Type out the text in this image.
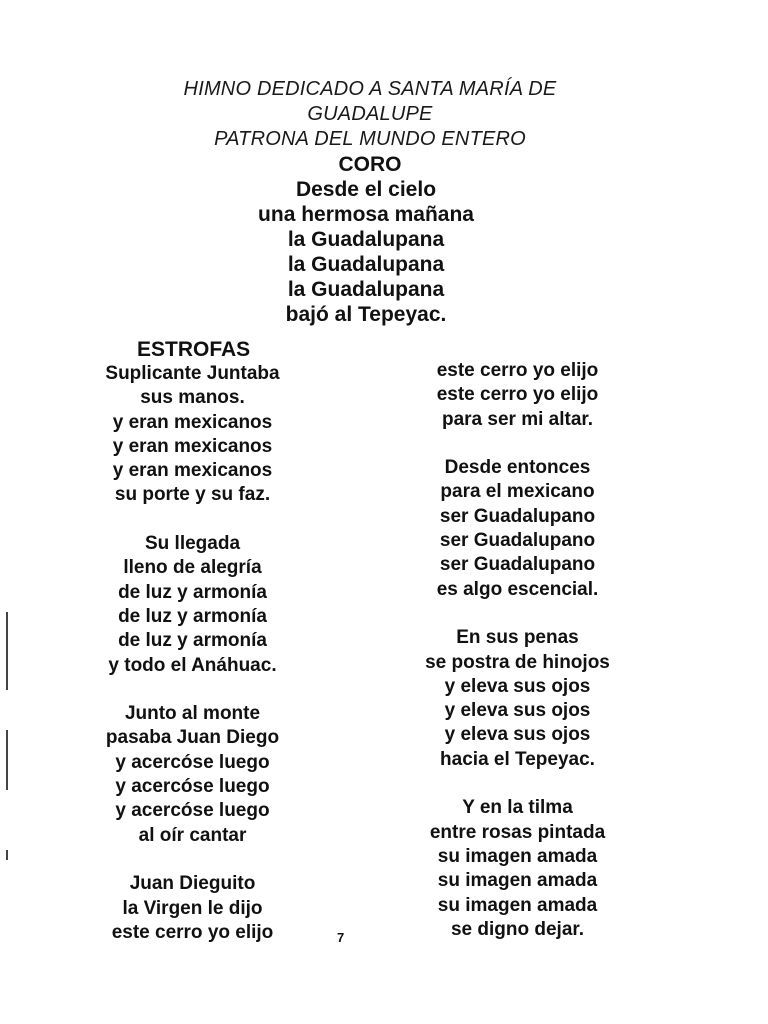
HIMNO DEDICADO A SANTA MARÍA DE
GUADALUPE
PATRONA DEL MUNDO ENTERO
CORO
Desde el cielo
una hermosa mañana
la Guadalupana
la Guadalupana
la Guadalupana
bajó al Tepeyac.
ESTROFAS
Suplicante Juntaba
sus manos.
y eran mexicanos
y eran mexicanos
y eran mexicanos
su porte y su faz.
Su llegada
lleno de alegría
de luz y armonía
de luz y armonía
de luz y armonía
y todo el Anáhuac.
Junto al monte
pasaba Juan Diego
y acercóse luego
y acercóse luego
y acercóse luego
al oír cantar
Juan Dieguito
la Virgen le dijo
este cerro yo elijo
este cerro yo elijo
este cerro yo elijo
para ser mi altar.
Desde entonces
para el mexicano
ser Guadalupano
ser Guadalupano
ser Guadalupano
es algo escencial.
En sus penas
se postra de hinojos
y eleva sus ojos
y eleva sus ojos
y eleva sus ojos
hacia el Tepeyac.
Y en la tilma
entre rosas pintada
su imagen amada
su imagen amada
su imagen amada
se digno dejar.
7
